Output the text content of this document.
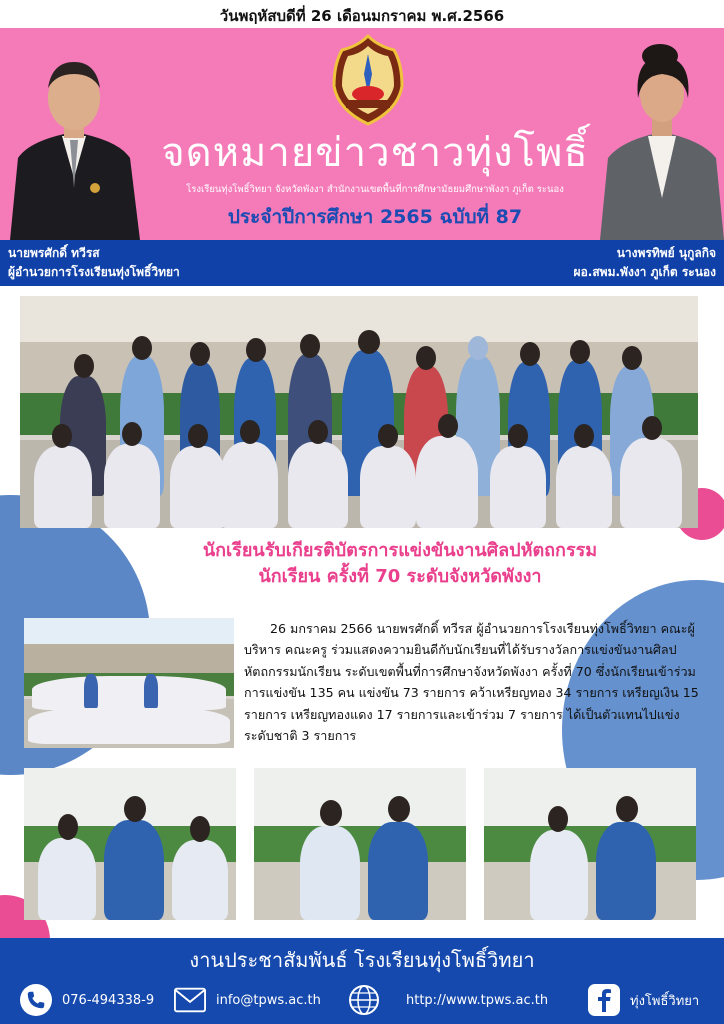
วันพฤหัสบดีที่ 26 เดือนมกราคม พ.ศ.2566
จดหมายข่าวชาวทุ่งโพธิ์
โรงเรียนทุ่งโพธิ์วิทยา จังหวัดพังงา สำนักงานเขตพื้นที่การศึกษามัธยมศึกษาพังงา ภูเก็ต ระนอง
ประจำปีการศึกษา 2565 ฉบับที่ 87
นายพรศักดิ์ ทวีรส
ผู้อำนวยการโรงเรียนทุ่งโพธิ์วิทยา
นางพรทิพย์ นุกูลกิจ
ผอ.สพม.พังงา ภูเก็ต ระนอง
นักเรียนรับเกียรติบัตรการแข่งขันงานศิลปหัตถกรรม
นักเรียน ครั้งที่ 70 ระดับจังหวัดพังงา
26 มกราคม 2566 นายพรศักดิ์ ทวีรส ผู้อำนวยการโรงเรียนทุ่งโพธิ์วิทยา คณะผู้บริหาร คณะครู ร่วมแสดงความยินดีกับนักเรียนที่ได้รับรางวัลการแข่งขันงานศิลปหัตถกรรมนักเรียน ระดับเขตพื้นที่การศึกษาจังหวัดพังงา ครั้งที่ 70 ซึ่งนักเรียนเข้าร่วมการแข่งขัน 135 คน แข่งขัน 73 รายการ คว้าเหรียญทอง 34 รายการ เหรียญเงิน 15 รายการ เหรียญทองแดง 17 รายการและเข้าร่วม 7 รายการ ได้เป็นตัวแทนไปแข่งระดับชาติ 3 รายการ
งานประชาสัมพันธ์ โรงเรียนทุ่งโพธิ์วิทยา
076-494338-9	info@tpws.ac.th	http://www.tpws.ac.th	ทุ่งโพธิ์วิทยา
